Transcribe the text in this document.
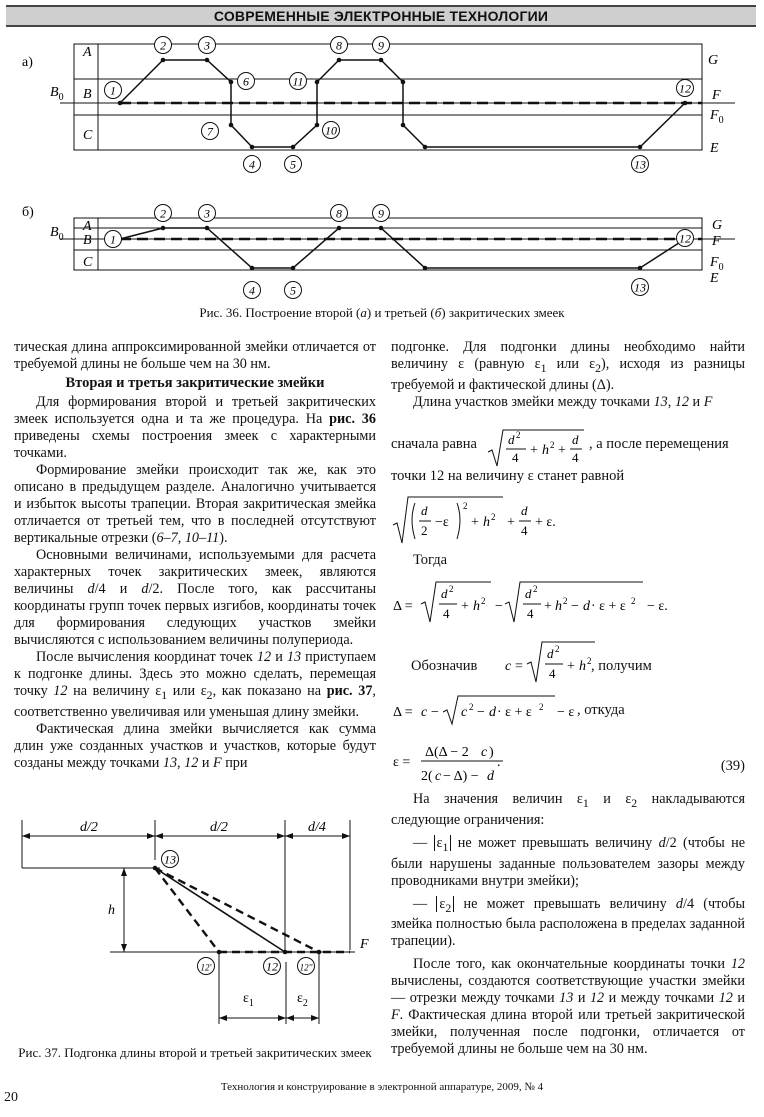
СОВРЕМЕННЫЕ ЭЛЕКТРОННЫЕ ТЕХНОЛОГИИ
а)
б)
A
B
C
$B_0$
G
F
$F_0$
E
A
B
C
$B_0$
G
F
$F_0$
E
1
2	3
4	5
6
7
8	9
10
11	12
13
1
2	3
4	5
8	9
12
13
Рис. 36. Построение второй (а) и третьей (б) закритических змеек

тическая длина аппроксимированной змейки отличается от требуемой длины не больше чем на 30 нм.

Вторая и третья закритические змейки

Для формирования второй и третьей закритических змеек используется одна и та же процедура. На рис. 36 приведены схемы построения змеек с характерными точками.

Формирование змейки происходит так же, как это описано в предыдущем разделе. Аналогично учитывается и избыток высоты трапеции. Вторая закритическая змейка отличается от третьей тем, что в последней отсутствуют вертикальные отрезки (6–7, 10–11).

Основными величинами, используемыми для расчета характерных точек закритических змеек, являются величины d/4 и d/2. После того, как рассчитаны координаты групп точек первых изгибов, координаты точек для формирования следующих участков змейки вычисляются с использованием величины полупериода.

После вычисления координат точек 12 и 13 приступаем к подгонке длины. Здесь это можно сделать, перемещая точку 12 на величину $\varepsilon_1$ или $\varepsilon_2$, как показано на рис. 37, соответственно увеличивая или уменьшая длину змейки.

Фактическая длина змейки вычисляется как сумма длин уже созданных участков и участков, которые будут созданы между точками 13, 12 и F при

d/2	d/2	d/4
h
F
$\varepsilon_1$	$\varepsilon_2$
13
12'	12 12''
Рис. 37. Подгонка длины второй и третьей закритических змеек

подгонке. Для подгонки длины необходимо найти величину ε (равную $\varepsilon_1$ или $\varepsilon_2$), исходя из разницы требуемой и фактической длины (Δ).

Длина участков змейки между точками 13, 12 и F

сначала равна d 2
4 + h 2 +
d
4
, а после перемещения
точки 12 на величину ε станет равной
d
2
−ε
2
+ h 2 +
d
4
+ ε.
Тогда
Δ =
d 2
4 + h 2 −
d 2
4 + h 2 − d · ε + ε 2 − ε.
Обозначив c =
d 2
4 + h 2 , получим
Δ = c − c 2 − d · ε + ε 2 − ε , откуда
ε =
Δ(Δ − 2 c )
2( c − Δ) − d
.	(39)

На значения величин $\varepsilon_1$ и $\varepsilon_2$ накладываются следующие ограничения:

— $\varepsilon_1$ не может превышать величину d/2 (чтобы не были нарушены заданные пользователем зазоры между проводниками внутри змейки);

— $\varepsilon_2$ не может превышать величину d/4 (чтобы змейка полностью была расположена в пределах заданной трапеции).

После того, как окончательные координаты точки 12 вычислены, создаются соответствующие участки змейки — отрезки между точками 13 и 12 и между точками 12 и F. Фактическая длина второй или третьей закритической змейки, полученная после подгонки, отличается от требуемой длины не больше чем на 30 нм.

Технология и конструирование в электронной аппаратуре, 2009, № 4
20
